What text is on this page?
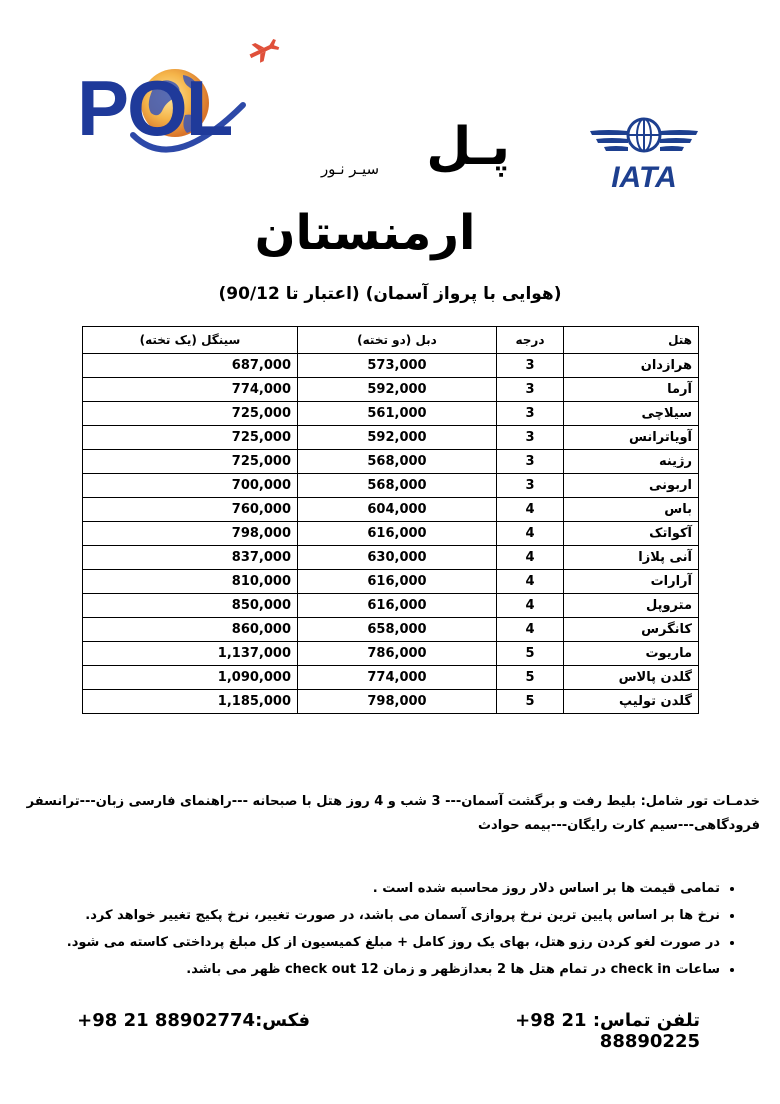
POL
IATA
پـل
سیـر نـور
ارمنستان
(هوایی با پرواز آسمان) (اعتبار تا 90/12)
هتل	درجه	دبل (دو تخته)	سینگل (یک تخته)
هرازدان	3	573,000	687,000
آرما	3	592,000	774,000
سیلاچی	3	561,000	725,000
آویاترانس	3	592,000	725,000
رژینه	3	568,000	725,000
اربونی	3	568,000	700,000
باس	4	604,000	760,000
آکواتک	4	616,000	798,000
آنی پلازا	4	630,000	837,000
آرارات	4	616,000	810,000
متروپل	4	616,000	850,000
کانگرس	4	658,000	860,000
ماریوت	5	786,000	1,137,000
گلدن پالاس	5	774,000	1,090,000
گلدن تولیپ	5	798,000	1,185,000
خدمـات تور شامل: بلیط رفت و برگشت آسمان--- 3 شب و 4 روز هتل با صبحانه ---راهنمای فارسی زبان---ترانسفر
فرودگاهی---سیم کارت رایگان---بیمه حوادث
• تمامی قیمت ها بر اساس دلار روز محاسبه شده است .
• نرخ ها بر اساس پایین ترین نرخ پروازی آسمان می باشد، در صورت تغییر، نرخ پکیج تغییر خواهد کرد.
• در صورت لغو کردن رزو هتل، بهای یک روز کامل + مبلغ کمیسیون از کل مبلغ پرداختی کاسته می شود.
• ساعات check in در تمام هتل ها 2 بعدازظهر و زمان check out 12 ظهر می باشد.
تلفن تماس: +98 21 88890225
فکس:+98 21 88902774
